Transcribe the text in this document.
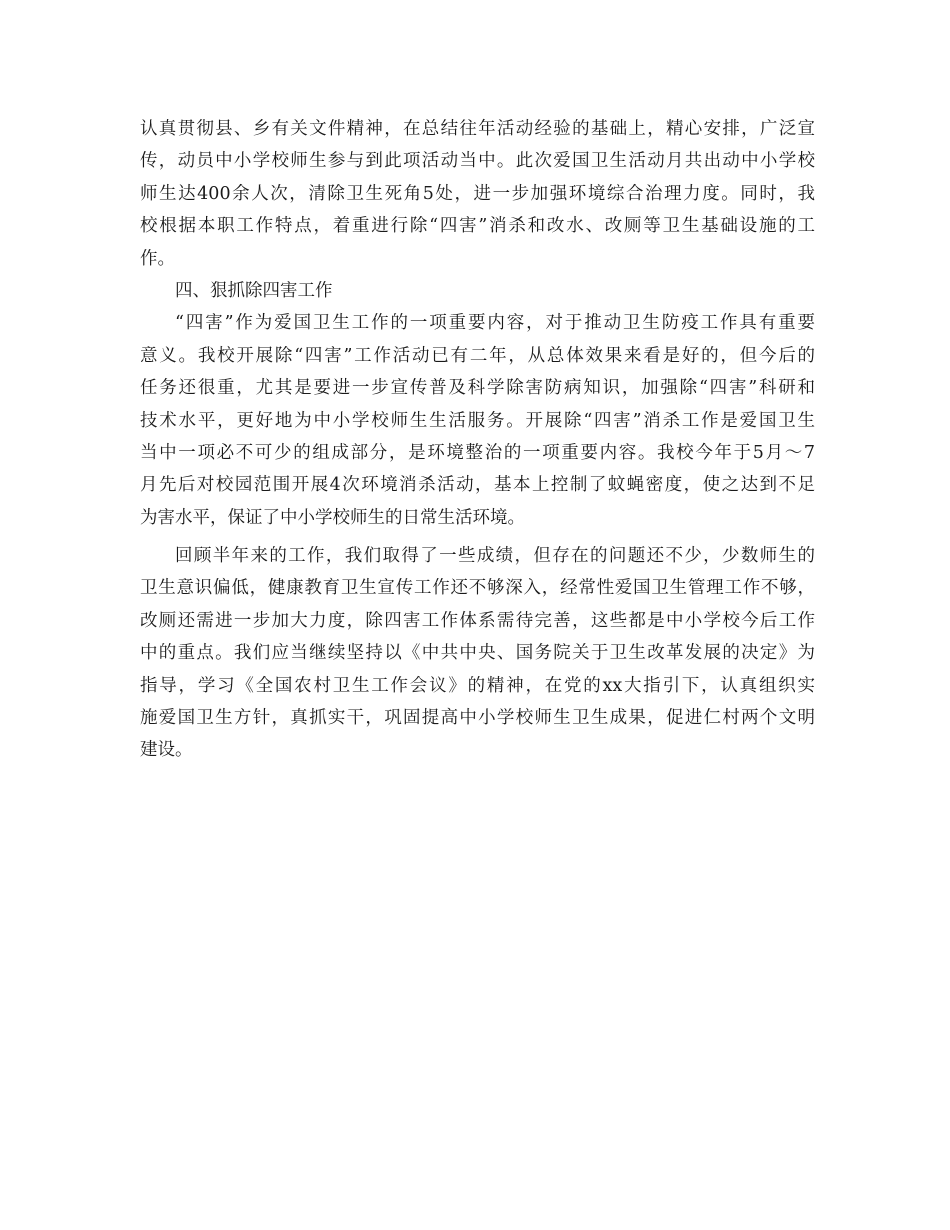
认真贯彻县、乡有关文件精神，在总结往年活动经验的基础上，精心安排，广泛宣
传，动员中小学校师生参与到此项活动当中。此次爱国卫生活动月共出动中小学校
师生达400余人次，清除卫生死角5处，进一步加强环境综合治理力度。同时，我
校根据本职工作特点，着重进行除“四害”消杀和改水、改厕等卫生基础设施的工
作。
四、狠抓除四害工作
“四害”作为爱国卫生工作的一项重要内容，对于推动卫生防疫工作具有重要
意义。我校开展除“四害”工作活动已有二年，从总体效果来看是好的，但今后的
任务还很重，尤其是要进一步宣传普及科学除害防病知识，加强除“四害”科研和
技术水平，更好地为中小学校师生生活服务。开展除“四害”消杀工作是爱国卫生
当中一项必不可少的组成部分，是环境整治的一项重要内容。我校今年于5月～7
月先后对校园范围开展4次环境消杀活动，基本上控制了蚊蝇密度，使之达到不足
为害水平，保证了中小学校师生的日常生活环境。
回顾半年来的工作，我们取得了一些成绩，但存在的问题还不少，少数师生的
卫生意识偏低，健康教育卫生宣传工作还不够深入，经常性爱国卫生管理工作不够，
改厕还需进一步加大力度，除四害工作体系需待完善，这些都是中小学校今后工作
中的重点。我们应当继续坚持以《中共中央、国务院关于卫生改革发展的决定》为
指导，学习《全国农村卫生工作会议》的精神，在党的xx大指引下，认真组织实
施爱国卫生方针，真抓实干，巩固提高中小学校师生卫生成果，促进仁村两个文明
建设。
